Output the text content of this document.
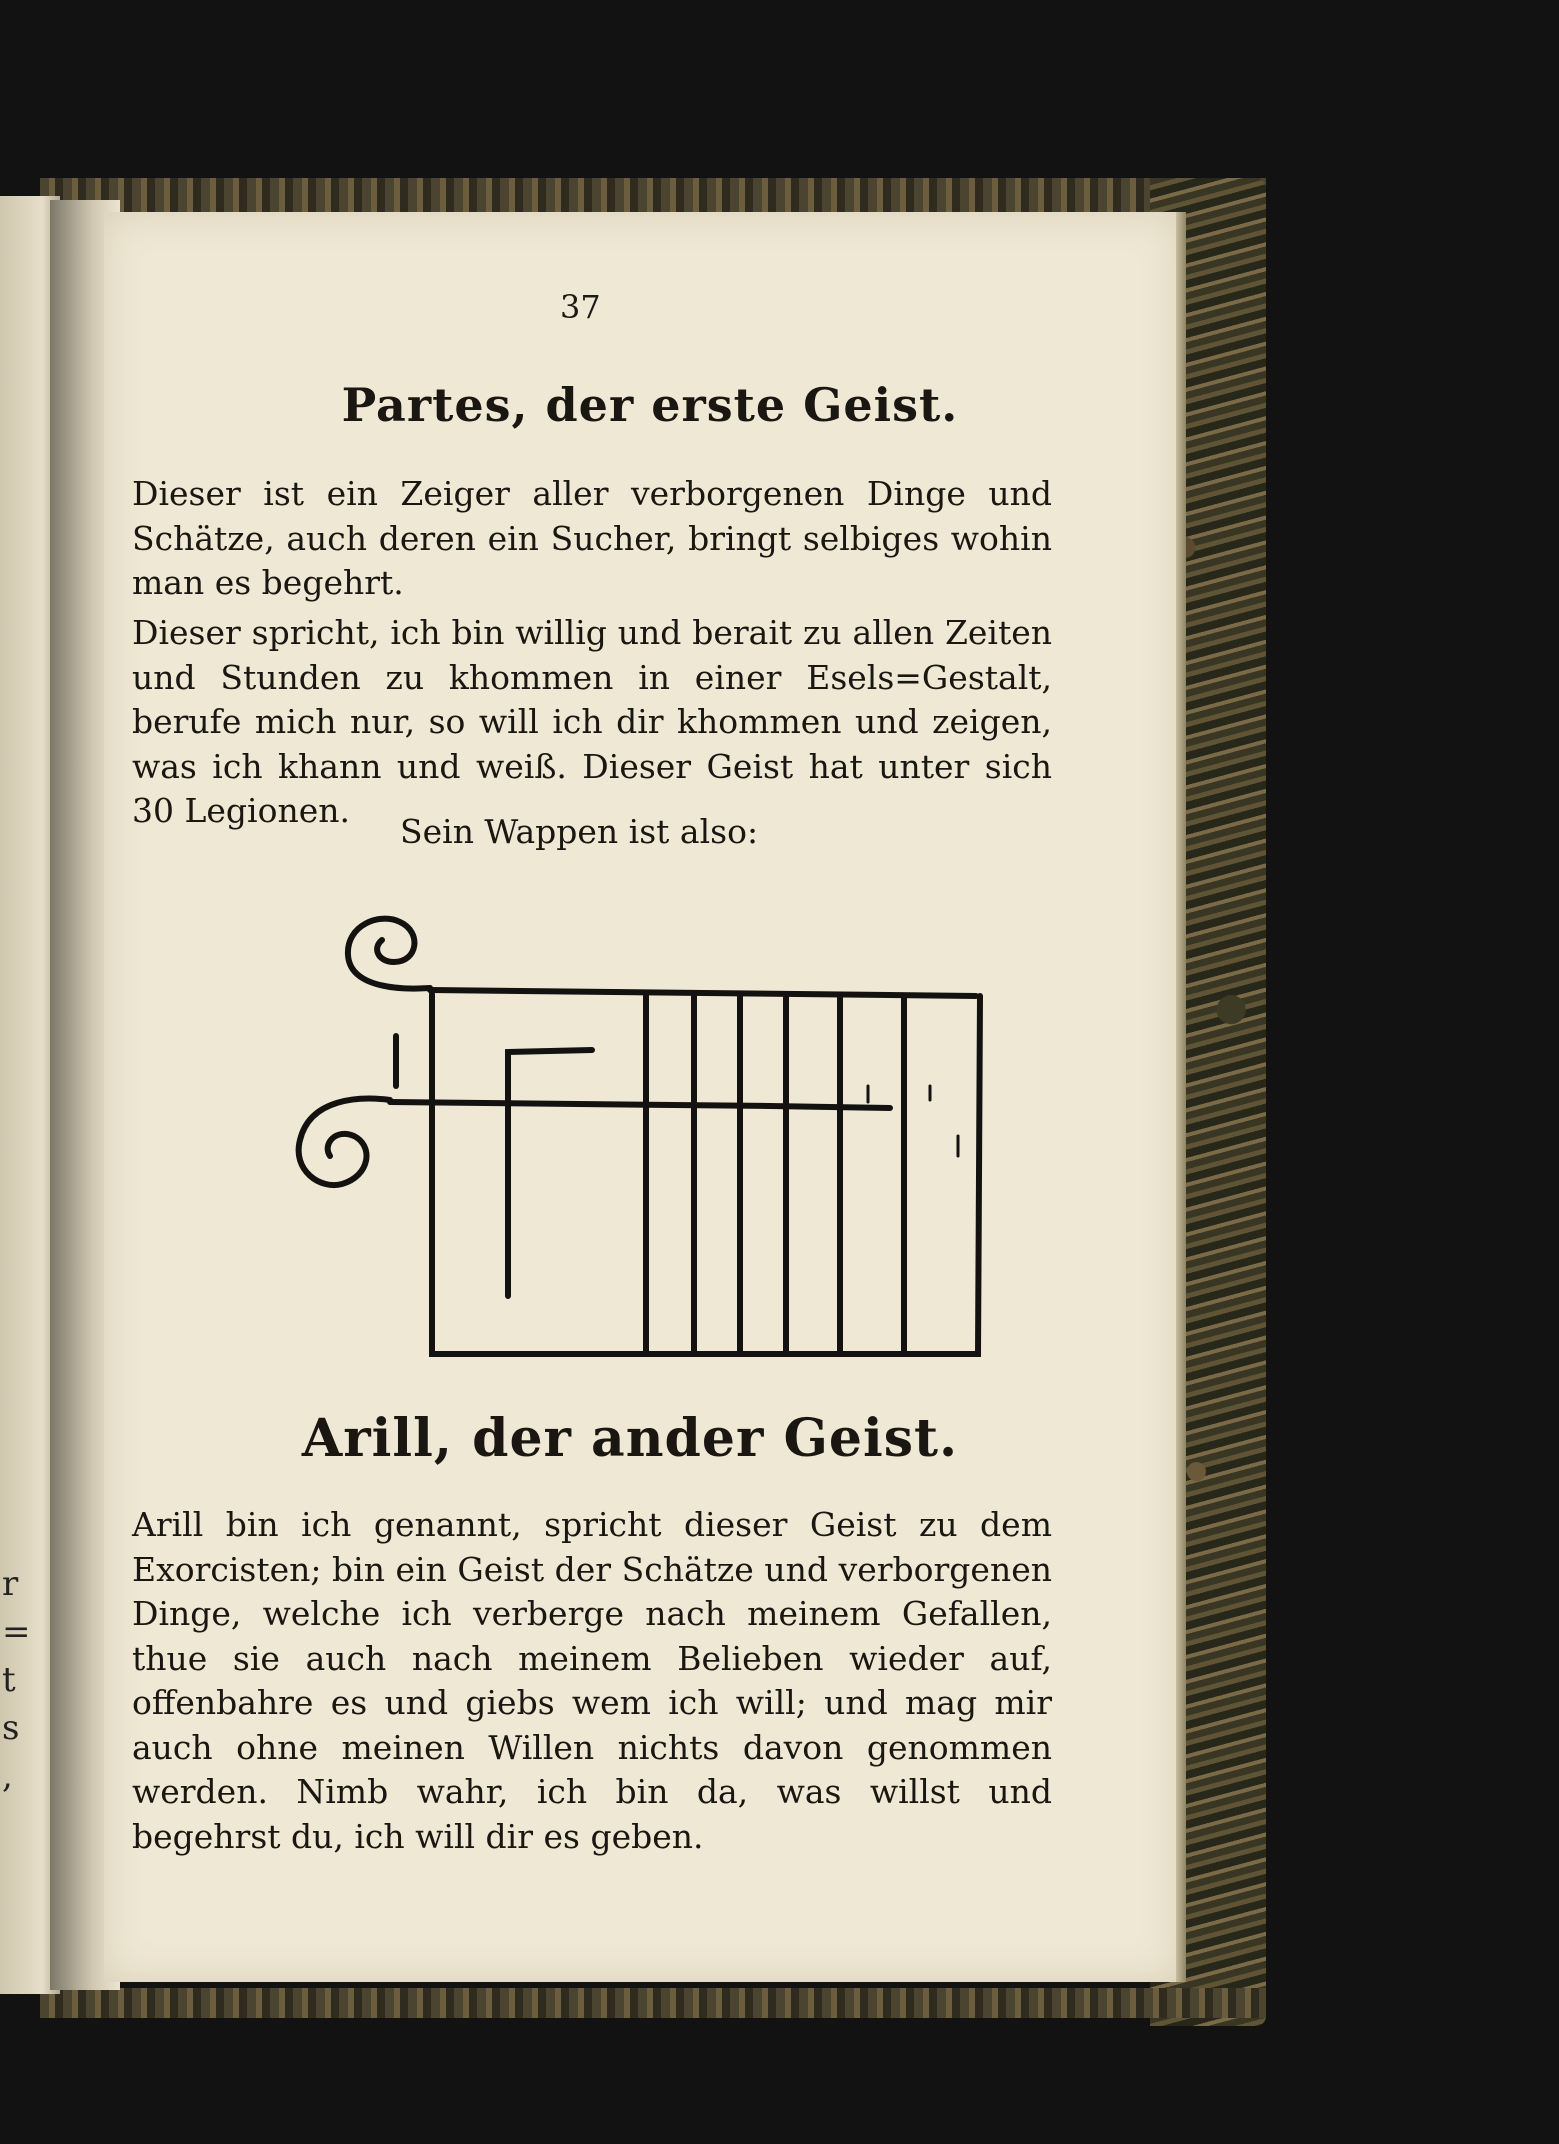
r
=
t
s
,
37
Partes, der erste Geist.
Dieser ist ein Zeiger aller verborgenen Dinge und Schätze, auch deren ein Sucher, bringt selbiges wohin man es begehrt.
Dieser spricht, ich bin willig und berait zu allen Zeiten und Stunden zu khommen in einer Esels=Gestalt, berufe mich nur, so will ich dir khommen und zeigen, was ich khann und weiß. Dieser Geist hat unter sich 30 Legionen.
Sein Wappen ist also:
Arill, der ander Geist.
Arill bin ich genannt, spricht dieser Geist zu dem Exorcisten; bin ein Geist der Schätze und verborgenen Dinge, welche ich verberge nach meinem Gefallen, thue sie auch nach meinem Belieben wieder auf, offenbahre es und giebs wem ich will; und mag mir auch ohne meinen Willen nichts davon genommen werden. Nimb wahr, ich bin da, was willst und begehrst du, ich will dir es geben.
